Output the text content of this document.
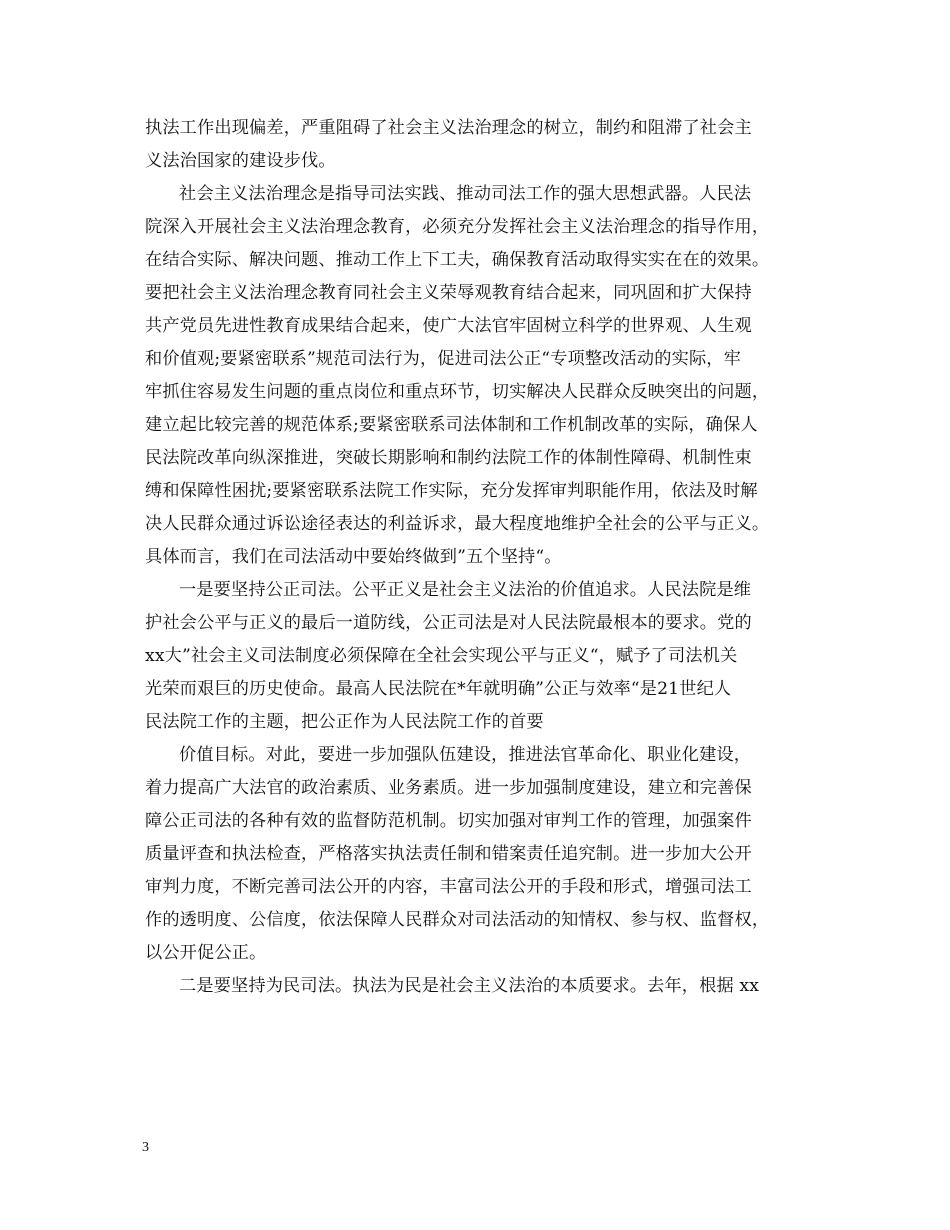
执法工作出现偏差，严重阻碍了社会主义法治理念的树立，制约和阻滞了社会主
义法治国家的建设步伐。
社会主义法治理念是指导司法实践、推动司法工作的强大思想武器。人民法
院深入开展社会主义法治理念教育，必须充分发挥社会主义法治理念的指导作用，
在结合实际、解决问题、推动工作上下工夫，确保教育活动取得实实在在的效果。
要把社会主义法治理念教育同社会主义荣辱观教育结合起来，同巩固和扩大保持
共产党员先进性教育成果结合起来，使广大法官牢固树立科学的世界观、人生观
和价值观;要紧密联系”规范司法行为，促进司法公正“专项整改活动的实际，牢
牢抓住容易发生问题的重点岗位和重点环节，切实解决人民群众反映突出的问题，
建立起比较完善的规范体系;要紧密联系司法体制和工作机制改革的实际，确保人
民法院改革向纵深推进，突破长期影响和制约法院工作的体制性障碍、机制性束
缚和保障性困扰;要紧密联系法院工作实际，充分发挥审判职能作用，依法及时解
决人民群众通过诉讼途径表达的利益诉求，最大程度地维护全社会的公平与正义。
具体而言，我们在司法活动中要始终做到”五个坚持“。
一是要坚持公正司法。公平正义是社会主义法治的价值追求。人民法院是维
护社会公平与正义的最后一道防线，公正司法是对人民法院最根本的要求。党的
xx大”社会主义司法制度必须保障在全社会实现公平与正义“，赋予了司法机关
光荣而艰巨的历史使命。最高人民法院在*年就明确”公正与效率“是21世纪人
民法院工作的主题，把公正作为人民法院工作的首要
价值目标。对此，要进一步加强队伍建设，推进法官革命化、职业化建设，
着力提高广大法官的政治素质、业务素质。进一步加强制度建设，建立和完善保
障公正司法的各种有效的监督防范机制。切实加强对审判工作的管理，加强案件
质量评查和执法检查，严格落实执法责任制和错案责任追究制。进一步加大公开
审判力度，不断完善司法公开的内容，丰富司法公开的手段和形式，增强司法工
作的透明度、公信度，依法保障人民群众对司法活动的知情权、参与权、监督权，
以公开促公正。
二是要坚持为民司法。执法为民是社会主义法治的本质要求。去年，根据 xx
3
